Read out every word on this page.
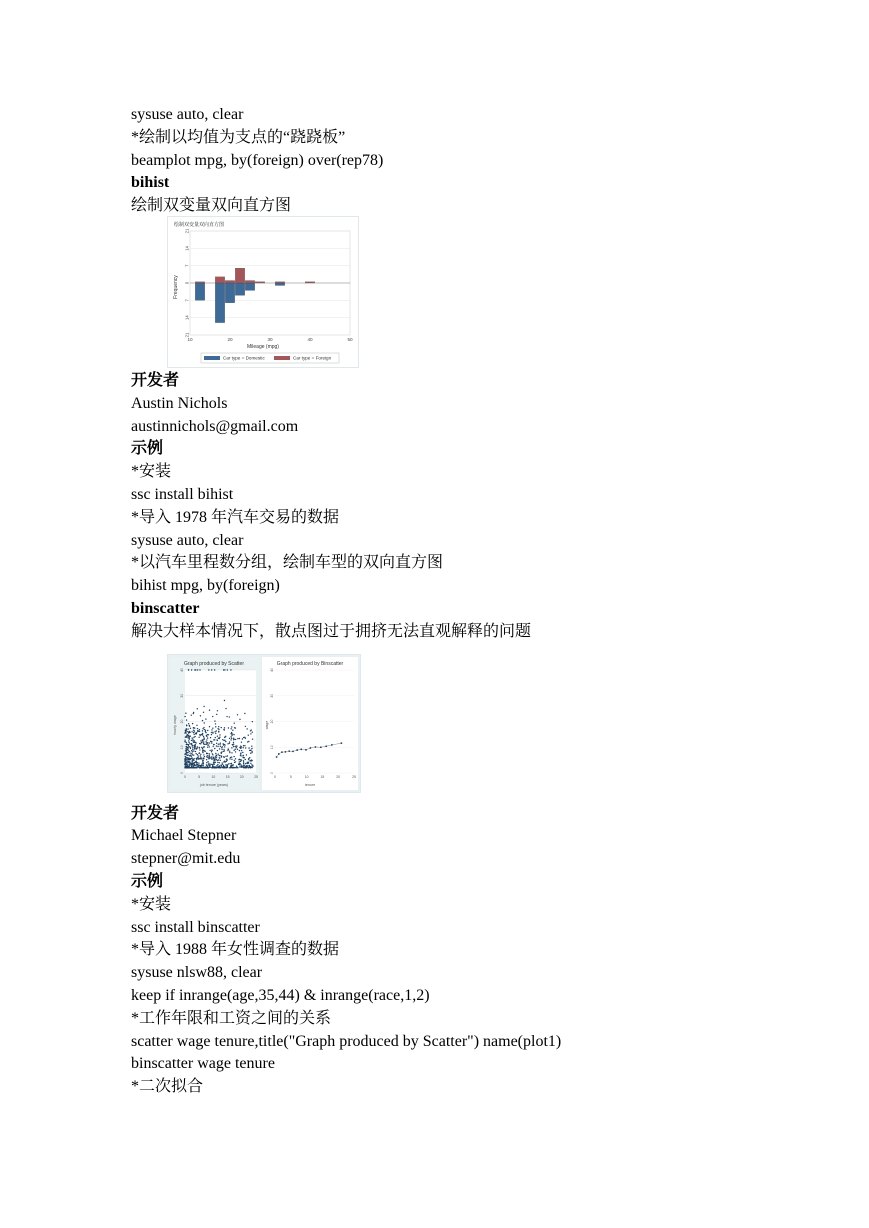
sysuse auto, clear
*绘制以均值为支点的“跷跷板”
beamplot mpg, by(foreign) over(rep78)
bihist
绘制双变量双向直方图
绘制双变量双向直方图
21
14
7
0
7
14
21
10	20	30	40	50
Mileage (mpg)
Frequency
Car type = Domestic	Car type = Foreign
开发者
Austin Nichols
austinnichols@gmail.com
示例
*安装
ssc install bihist
*导入 1978 年汽车交易的数据
sysuse auto, clear
*以汽车里程数分组，绘制车型的双向直方图
bihist mpg, by(foreign)
binscatter
解决大样本情况下，散点图过于拥挤无法直观解释的问题
Graph produced by Scatter
job tenure (years)
hourly wage
0
10
20
30
40
0	5	10	15	20	25
Graph produced by Binscatter
tenure
wage
0
10
20
30
40
0	5	10	15	20	25
开发者
Michael Stepner
stepner@mit.edu
示例
*安装
ssc install binscatter
*导入 1988 年女性调查的数据
sysuse nlsw88, clear
keep if inrange(age,35,44) & inrange(race,1,2)
*工作年限和工资之间的关系
scatter wage tenure,title("Graph produced by Scatter") name(plot1)
binscatter wage tenure
*二次拟合
